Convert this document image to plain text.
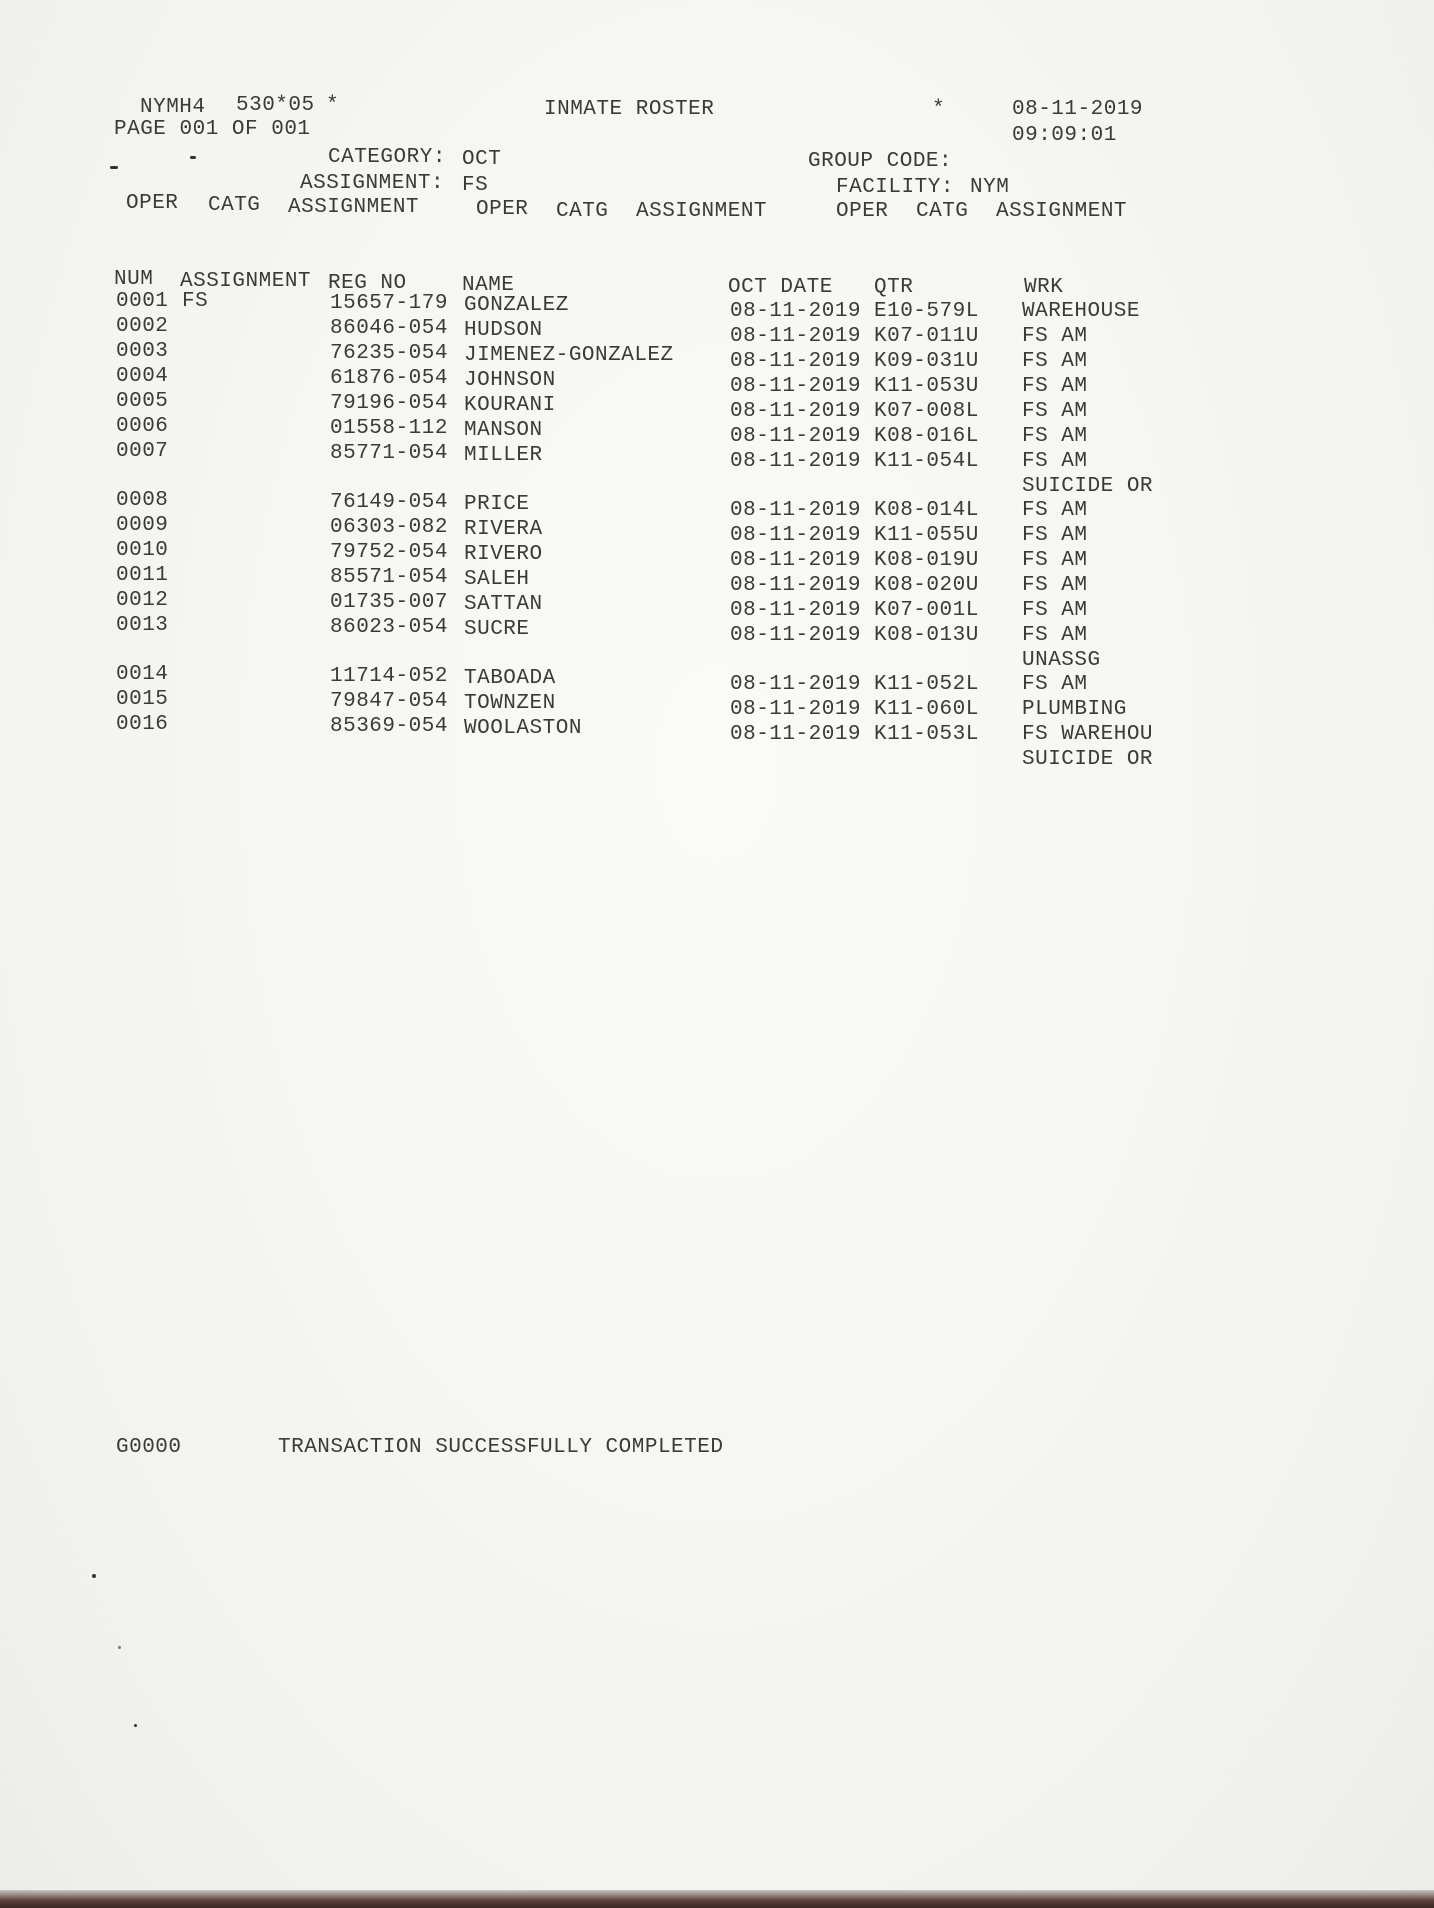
NYMH4 530*05 *	INMATE ROSTER	*	08-11-2019
PAGE 001 OF 001	09:09:01
CATEGORY: OCT	GROUP CODE:
ASSIGNMENT: FS	FACILITY: NYM
OPER CATG ASSIGNMENT	OPER CATG ASSIGNMENT	OPER CATG ASSIGNMENT
NUM ASSIGNMENT REG NO	NAME	OCT DATE QTR	WRK
0001 FS	15657-179 GONZALEZ	08-11-2019 E10-579L WAREHOUSE
0002	86046-054 HUDSON	08-11-2019 K07-011U FS AM
0003	76235-054 JIMENEZ-GONZALEZ	08-11-2019 K09-031U FS AM
0004	61876-054 JOHNSON	08-11-2019 K11-053U FS AM
0005	79196-054 KOURANI	08-11-2019 K07-008L FS AM
0006	01558-112 MANSON	08-11-2019 K08-016L FS AM
0007	85771-054 MILLER	08-11-2019 K11-054L FS AM
SUICIDE OR
0008	76149-054 PRICE	08-11-2019 K08-014L FS AM
0009	06303-082 RIVERA	08-11-2019 K11-055U FS AM
0010	79752-054 RIVERO	08-11-2019 K08-019U FS AM
0011	85571-054 SALEH	08-11-2019 K08-020U FS AM
0012	01735-007 SATTAN	08-11-2019 K07-001L FS AM
0013	86023-054 SUCRE	08-11-2019 K08-013U FS AM
UNASSG
0014	11714-052 TABOADA	08-11-2019 K11-052L FS AM
0015	79847-054 TOWNZEN	08-11-2019 K11-060L PLUMBING
0016	85369-054 WOOLASTON	08-11-2019 K11-053L FS WAREHOU
SUICIDE OR
G0000	TRANSACTION SUCCESSFULLY COMPLETED
